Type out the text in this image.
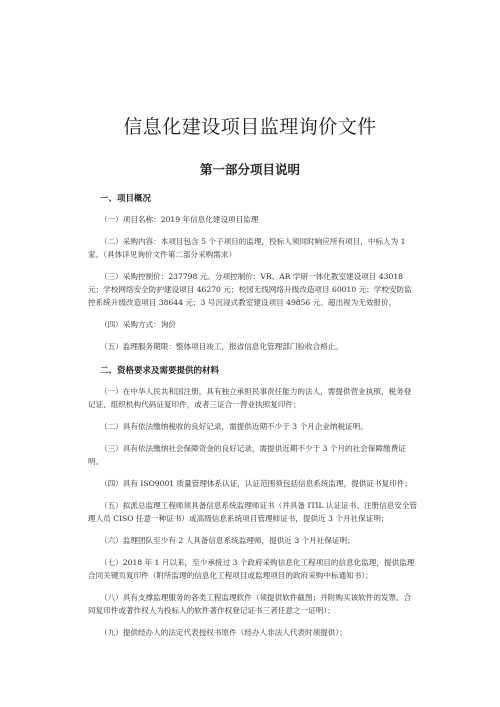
信息化建设项目监理询价文件
第一部分项目说明
一、项目概况
（一）项目名称：2019 年信息化建设项目监理
（二）采购内容：本项目包含 5 个子项目的监理，投标人须同时响应所有项目，中标人为 1 家。（具体详见询价文件第二部分采购需求）
（三）采购控制价：237798 元。分项控制价：VR、AR 学研一体化教室建设项目 43018 元；学校网络安全防护建设项目 46270 元；校园无线网络升级改造项目 60010 元；学校安防监控系统升级改造项目 38644 元；3 号沉浸式教室建设项目 49856 元。超出视为无效报价。
（四）采购方式：询价
（五）监理服务期限：整体项目竣工，报省信息化管理部门验收合格止。
二、资格要求及需要提供的材料
（一）在中华人民共和国注册，具有独立承担民事责任能力的法人，需提供营业执照、税务登记证、组织机构代码证复印件，或者三证合一营业执照复印件；
（二）具有依法缴纳税收的良好记录，需提供近期不少于 3 个月企业纳税证明。
（三）具有依法缴纳社会保障资金的良好记录，需提供近期不少于 3 个月的社会保障缴费证明。
（四）具有 ISO9001 质量管理体系认证，认证范围须包括信息系统监理，提供证书复印件；
（五）拟派总监理工程师须具备信息系统监理师证书（并具备 ITIL 认证证书、注册信息安全管理人员 CISO 任意一种证书）或高级信息系统项目管理师证书，提供近 3 个月社保证明；
（六）监理团队至少有 2 人具备信息系统监理师，提供近 3 个月社保证明；
（七）2018 年 1 月以来，至少承接过 3 个政府采购信息化工程项目的信息化监理，提供监理合同关键页复印件（附所监理的信息化工程项目或监理项目的政府采购中标通知书）；
（八）具有支撑监理服务的各类工程监理软件（须提供软件截图；并附购买该软件的发票、合同复印件或著作权人为投标人的软件著作权登记证书三者任意之一证明）；
（九）提供经办人的法定代表授权书原件（经办人非法人代表时须提供）；
